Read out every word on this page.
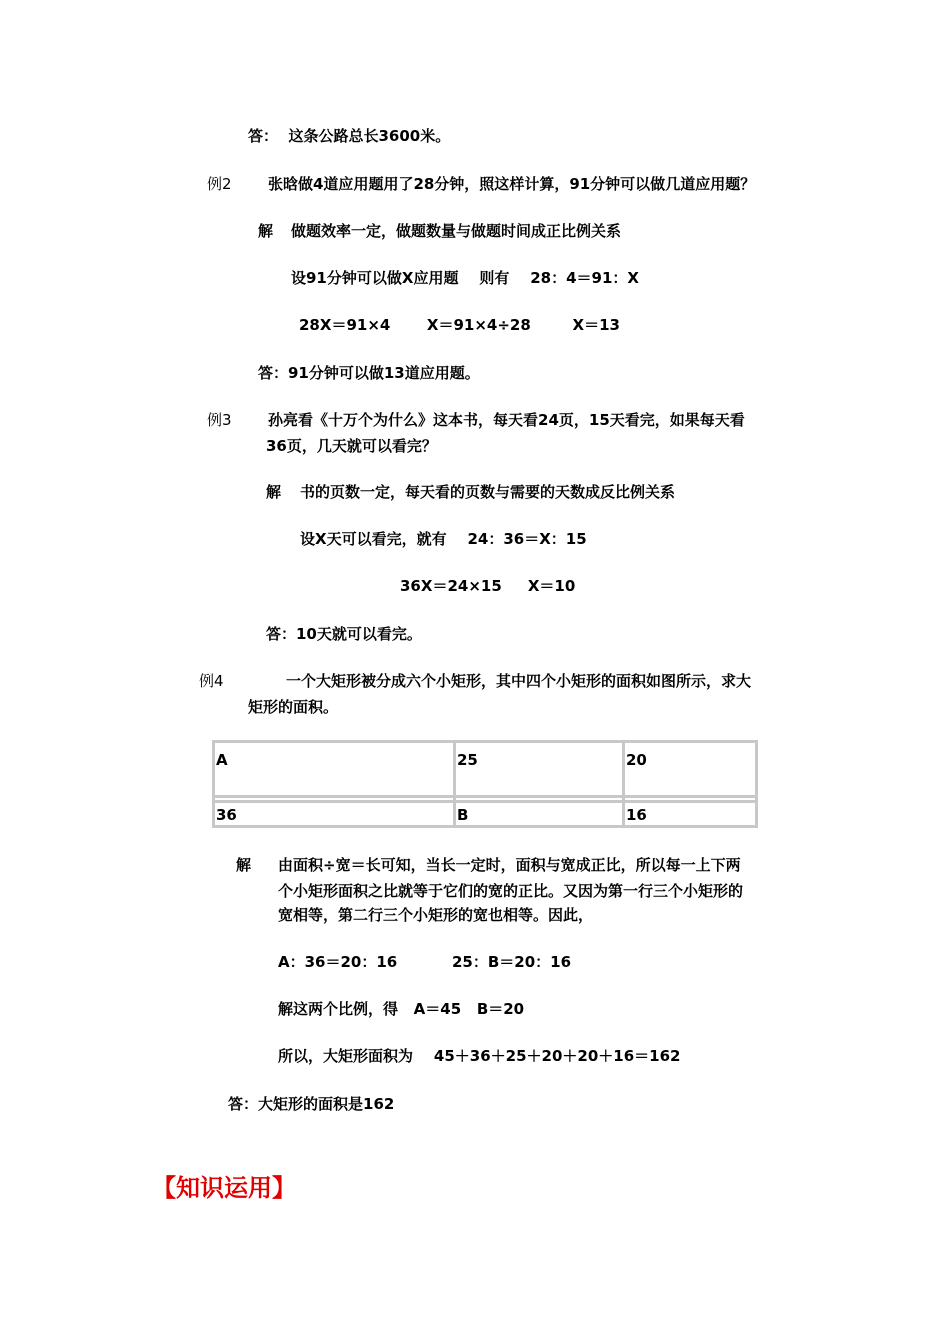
答：  这条公路总长3600米。
例2 张晗做4道应用题用了28分钟，照这样计算，91分钟可以做几道应用题？
解 做题效率一定，做题数量与做题时间成正比例关系
设91分钟可以做X应用题    则有    28：4＝91：X
28X＝91×4       X＝91×4÷28        X＝13
答：91分钟可以做13道应用题。
例3 孙亮看《十万个为什么》这本书，每天看24页，15天看完，如果每天看
36页，几天就可以看完？
解 书的页数一定，每天看的页数与需要的天数成反比例关系
设X天可以看完，就有    24：36＝X：15
36X＝24×15     X＝10
答：10天就可以看完。
例4	一个大矩形被分成六个小矩形，其中四个小矩形的面积如图所示，求大
矩形的面积。
A	25	20
36	B	16
解 由面积÷宽＝长可知，当长一定时，面积与宽成正比，所以每一上下两
个小矩形面积之比就等于它们的宽的正比。又因为第一行三个小矩形的
宽相等，第二行三个小矩形的宽也相等。因此，
A：36＝20：16	25：B＝20：16
解这两个比例，得   A＝45   B＝20
所以，大矩形面积为    45＋36＋25＋20＋20＋16＝162
答：大矩形的面积是162
【知识运用】
